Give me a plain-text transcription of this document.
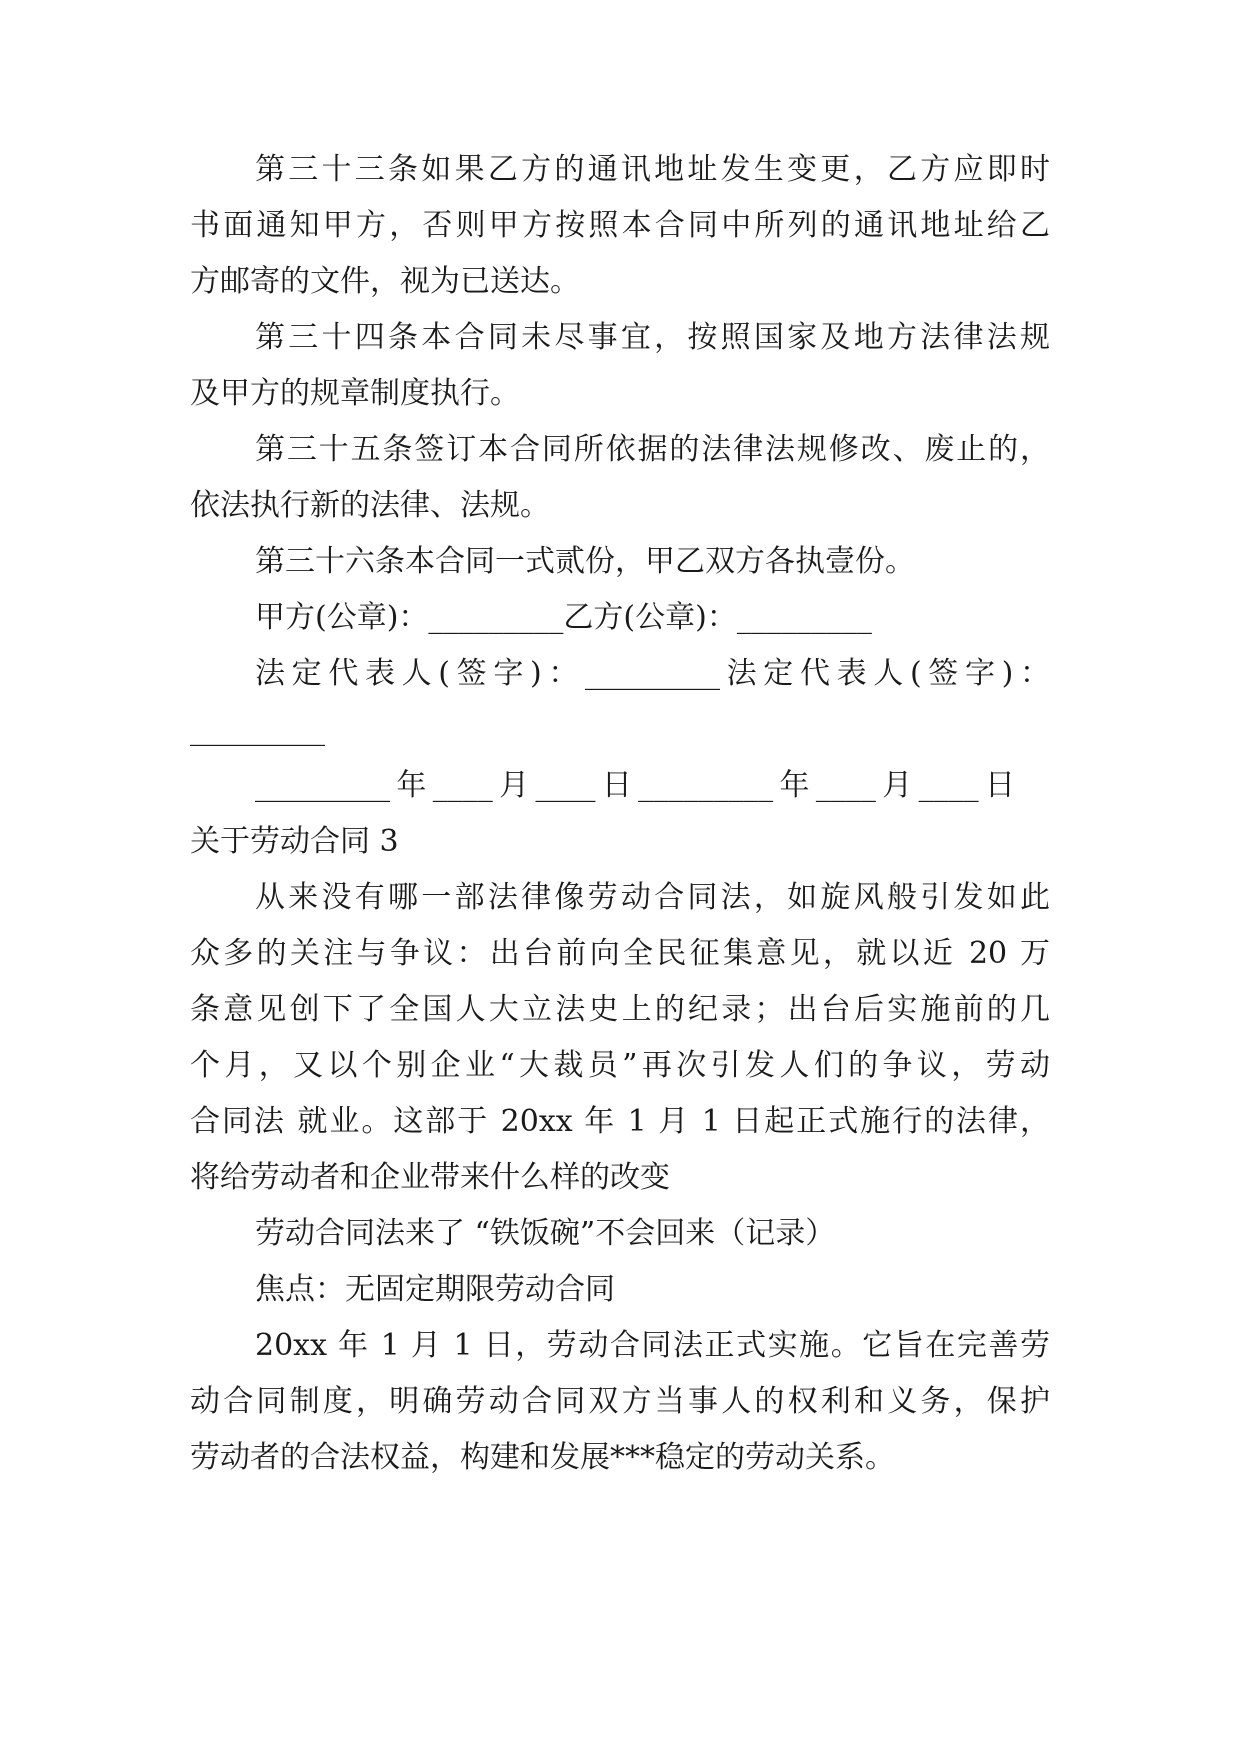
第三十三条如果乙方的通讯地址发生变更，乙方应即时
书面通知甲方，否则甲方按照本合同中所列的通讯地址给乙
方邮寄的文件，视为已送达。
第三十四条本合同未尽事宜，按照国家及地方法律法规
及甲方的规章制度执行。
第三十五条签订本合同所依据的法律法规修改、废止的，
依法执行新的法律、法规。
第三十六条本合同一式贰份，甲乙双方各执壹份。
甲方(公章)：_________乙方(公章)：_________
法定代表人(签字)：_________法定代表人(签字)：
_________
_________年____月____日_________年____月____日
关于劳动合同 3
从来没有哪一部法律像劳动合同法，如旋风般引发如此
众多的关注与争议：出台前向全民征集意见，就以近 20 万
条意见创下了全国人大立法史上的纪录；出台后实施前的几
个月，又以个别企业“大裁员”再次引发人们的争议，劳动
合同法 就业。这部于 20xx 年 1 月 1 日起正式施行的法律，
将给劳动者和企业带来什么样的改变
劳动合同法来了 “铁饭碗”不会回来（记录）
焦点：无固定期限劳动合同
20xx 年 1 月 1 日，劳动合同法正式实施。它旨在完善劳
动合同制度，明确劳动合同双方当事人的权利和义务，保护
劳动者的合法权益，构建和发展***稳定的劳动关系。
